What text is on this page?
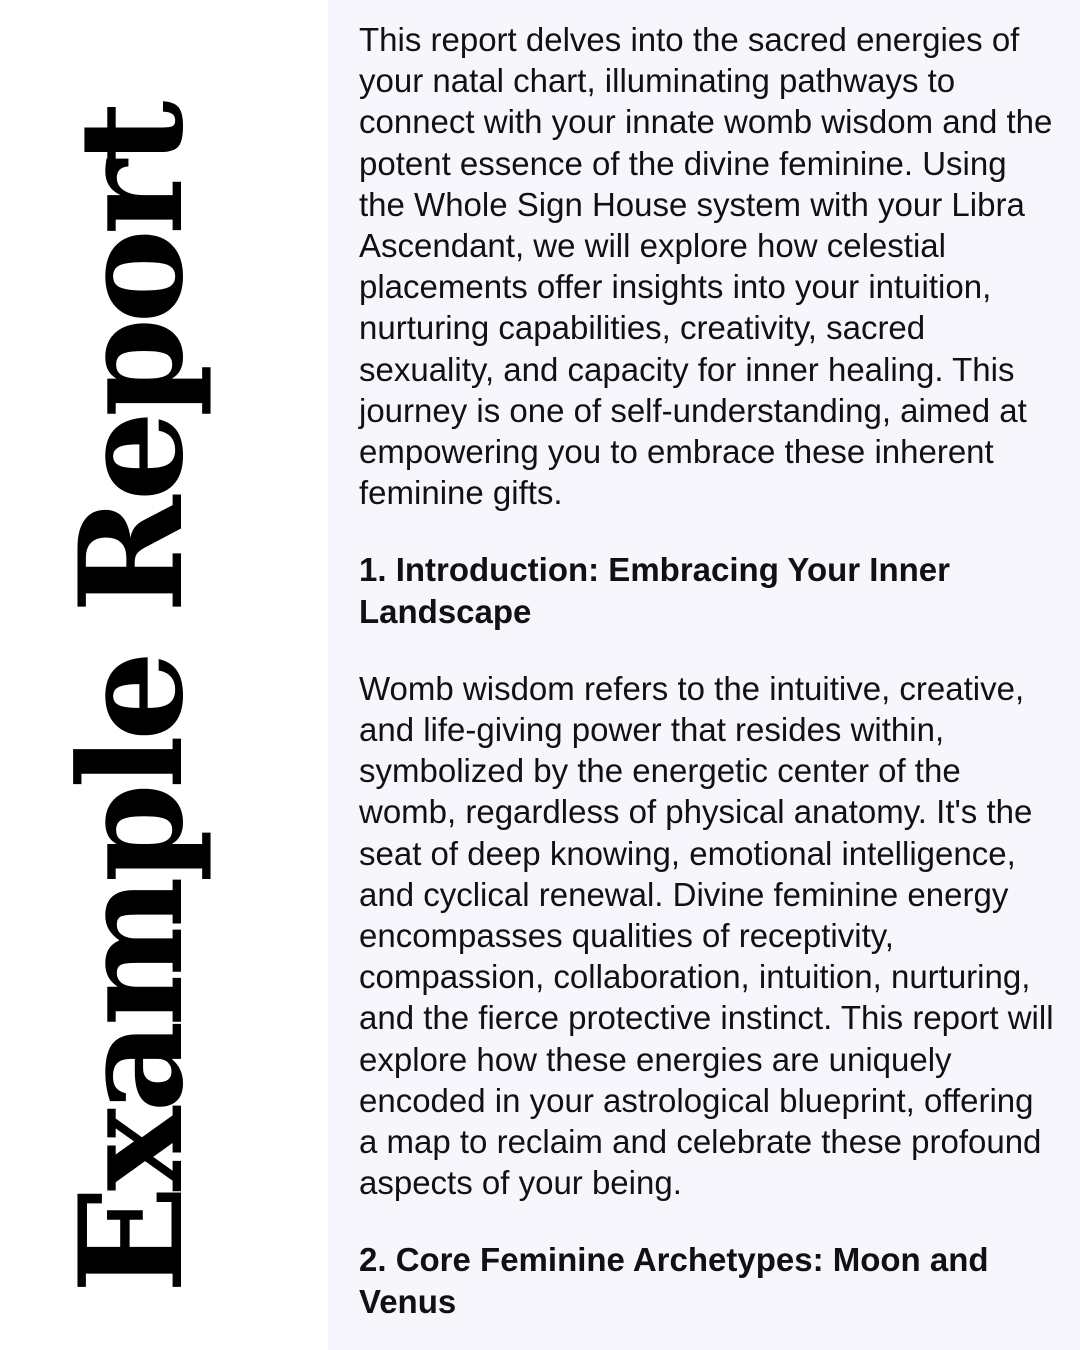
Example Report

This report delves into the sacred energies of your natal chart, illuminating pathways to connect with your innate womb wisdom and the potent essence of the divine feminine. Using the Whole Sign House system with your Libra Ascendant, we will explore how celestial placements offer insights into your intuition, nurturing capabilities, creativity, sacred sexuality, and capacity for inner healing. This journey is one of self-understanding, aimed at empowering you to embrace these inherent feminine gifts.

1. Introduction: Embracing Your Inner Landscape

Womb wisdom refers to the intuitive, creative, and life-giving power that resides within, symbolized by the energetic center of the womb, regardless of physical anatomy. It's the seat of deep knowing, emotional intelligence, and cyclical renewal. Divine feminine energy encompasses qualities of receptivity, compassion, collaboration, intuition, nurturing, and the fierce protective instinct. This report will explore how these energies are uniquely encoded in your astrological blueprint, offering a map to reclaim and celebrate these profound aspects of your being.

2. Core Feminine Archetypes: Moon and Venus
